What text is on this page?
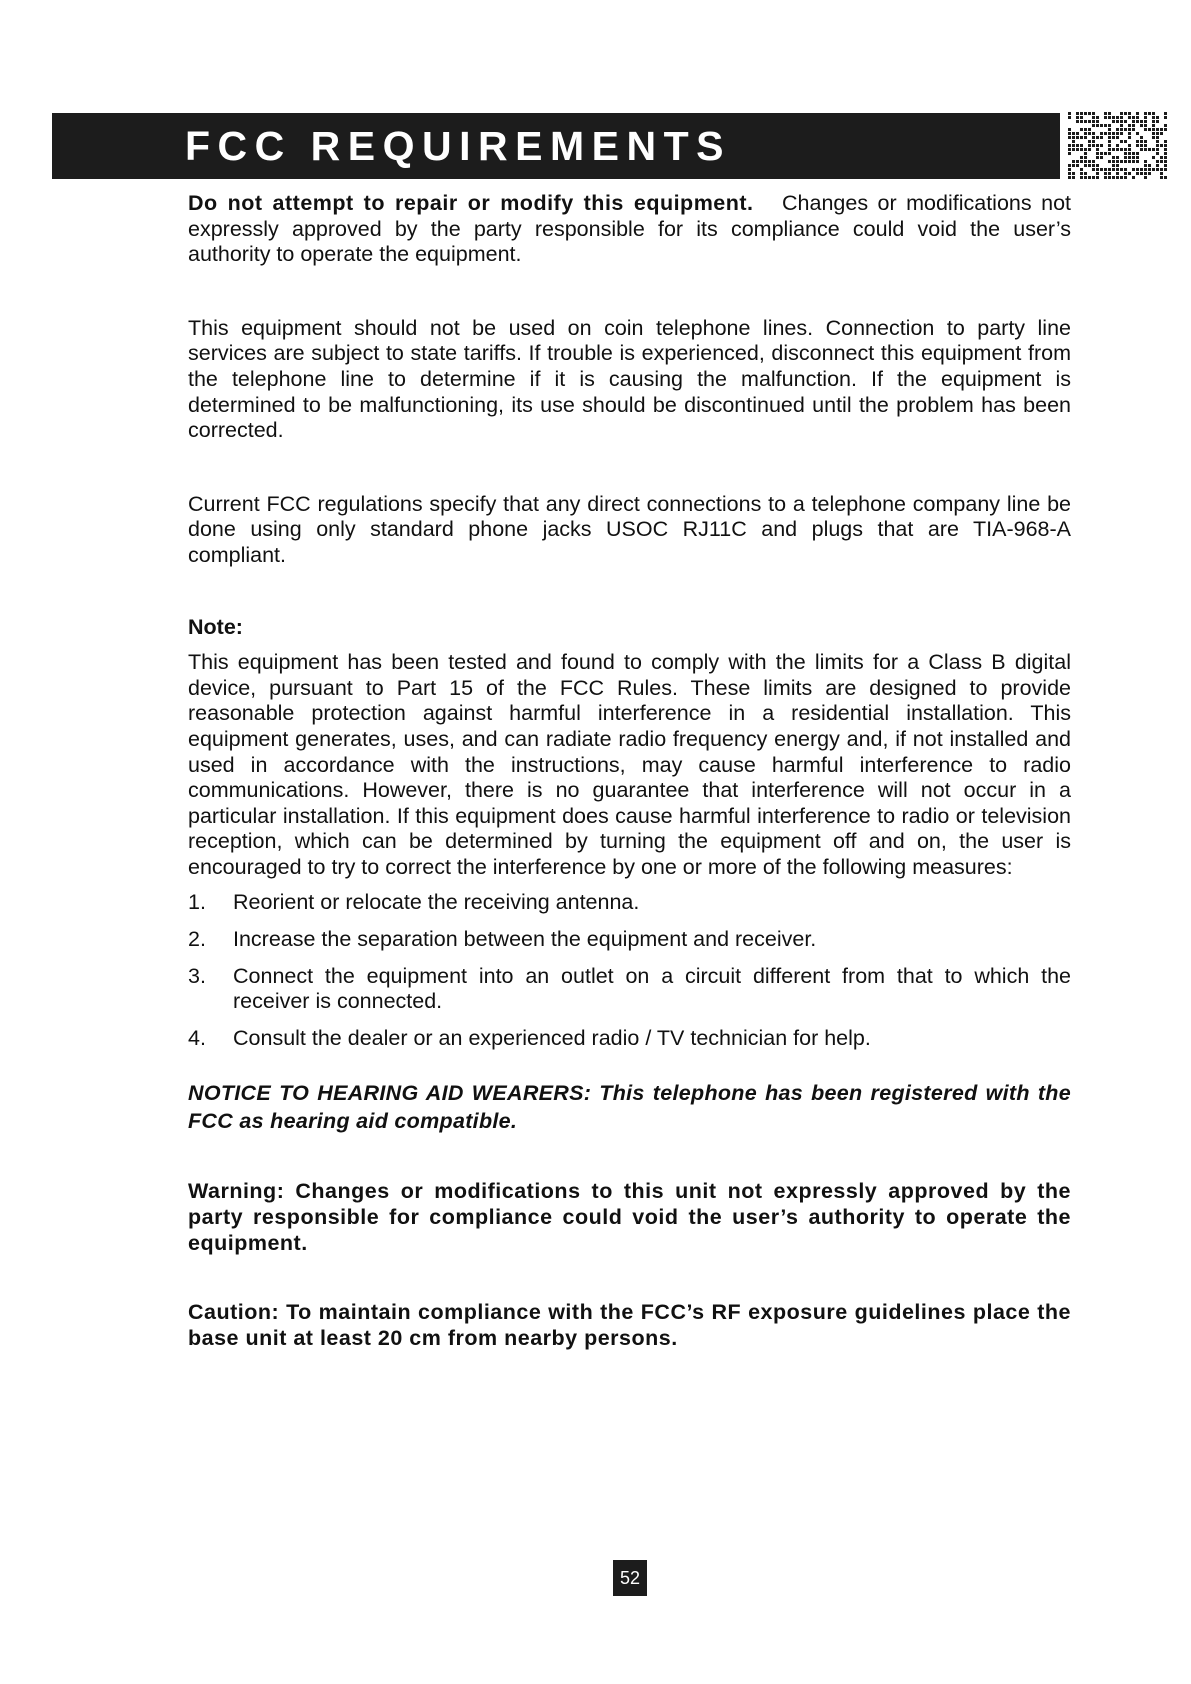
FCC REQUIREMENTS

Do not attempt to repair or modify this equipment. Changes or modifications not expressly approved by the party responsible for its compliance could void the user’s authority to operate the equipment.

This equipment should not be used on coin telephone lines. Connection to party line services are subject to state tariffs. If trouble is experienced, disconnect this equipment from the telephone line to determine if it is causing the malfunction. If the equipment is determined to be malfunctioning, its use should be discontinued until the problem has been corrected.

Current FCC regulations specify that any direct connections to a telephone company line be done using only standard phone jacks USOC RJ11C and plugs that are TIA-968-A compliant.

Note:

This equipment has been tested and found to comply with the limits for a Class B digital device, pursuant to Part 15 of the FCC Rules. These limits are designed to provide reasonable protection against harmful interference in a residential installation. This equipment generates, uses, and can radiate radio frequency energy and, if not installed and used in accordance with the instructions, may cause harmful interference to radio communications. However, there is no guarantee that interference will not occur in a particular installation. If this equipment does cause harmful interference to radio or television reception, which can be determined by turning the equipment off and on, the user is encouraged to try to correct the interference by one or more of the following measures:

1.	Reorient or relocate the receiving antenna.
2.	Increase the separation between the equipment and receiver.
3.	Connect the equipment into an outlet on a circuit different from that to which the receiver is connected.
4.	Consult the dealer or an experienced radio / TV technician for help.

NOTICE TO HEARING AID WEARERS: This telephone has been registered with the FCC as hearing aid compatible.

Warning: Changes or modifications to this unit not expressly approved by the party responsible for compliance could void the user’s authority to operate the equipment.

Caution: To maintain compliance with the FCC’s RF exposure guidelines place the base unit at least 20 cm from nearby persons.

52
